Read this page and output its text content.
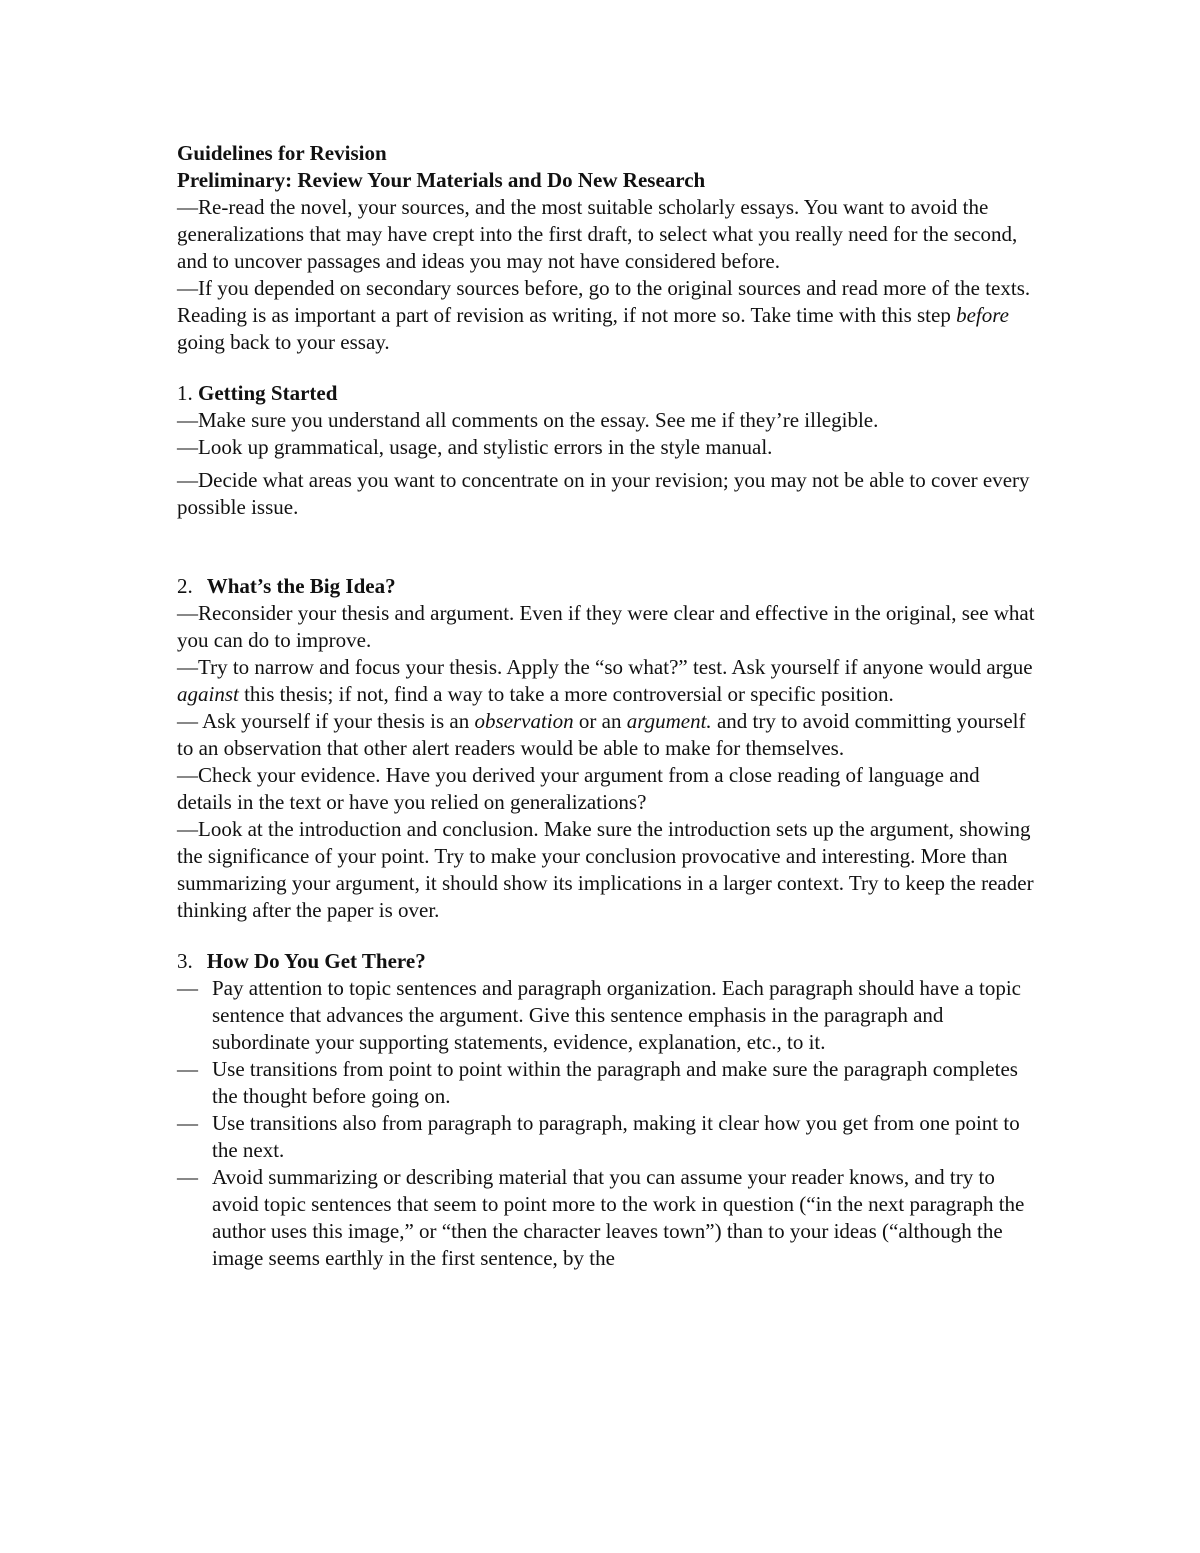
Guidelines for Revision

Preliminary: Review Your Materials and Do New Research

—Re-read the novel, your sources, and the most suitable scholarly essays. You want to avoid the generalizations that may have crept into the first draft, to select what you really need for the second, and to uncover passages and ideas you may not have considered before.

—If you depended on secondary sources before, go to the original sources and read more of the texts. Reading is as important a part of revision as writing, if not more so. Take time with this step before going back to your essay.

1. Getting Started

—Make sure you understand all comments on the essay. See me if they’re illegible.

—Look up grammatical, usage, and stylistic errors in the style manual.

—Decide what areas you want to concentrate on in your revision; you may not be able to cover every possible issue.

2. What’s the Big Idea?

—Reconsider your thesis and argument. Even if they were clear and effective in the original, see what you can do to improve.

—Try to narrow and focus your thesis. Apply the “so what?” test. Ask yourself if anyone would argue against this thesis; if not, find a way to take a more controversial or specific position.

— Ask yourself if your thesis is an observation or an argument. and try to avoid committing yourself to an observation that other alert readers would be able to make for themselves.

—Check your evidence. Have you derived your argument from a close reading of language and details in the text or have you relied on generalizations?

—Look at the introduction and conclusion. Make sure the introduction sets up the argument, showing the significance of your point. Try to make your conclusion provocative and interesting. More than summarizing your argument, it should show its implications in a larger context. Try to keep the reader thinking after the paper is over.

3. How Do You Get There?

— Pay attention to topic sentences and paragraph organization. Each paragraph should have a topic sentence that advances the argument. Give this sentence emphasis in the paragraph and subordinate your supporting statements, evidence, explanation, etc., to it.
— Use transitions from point to point within the paragraph and make sure the paragraph completes the thought before going on.
— Use transitions also from paragraph to paragraph, making it clear how you get from one point to the next.
— Avoid summarizing or describing material that you can assume your reader knows, and try to avoid topic sentences that seem to point more to the work in question (“in the next paragraph the author uses this image,” or “then the character leaves town”) than to your ideas (“although the image seems earthly in the first sentence, by the
